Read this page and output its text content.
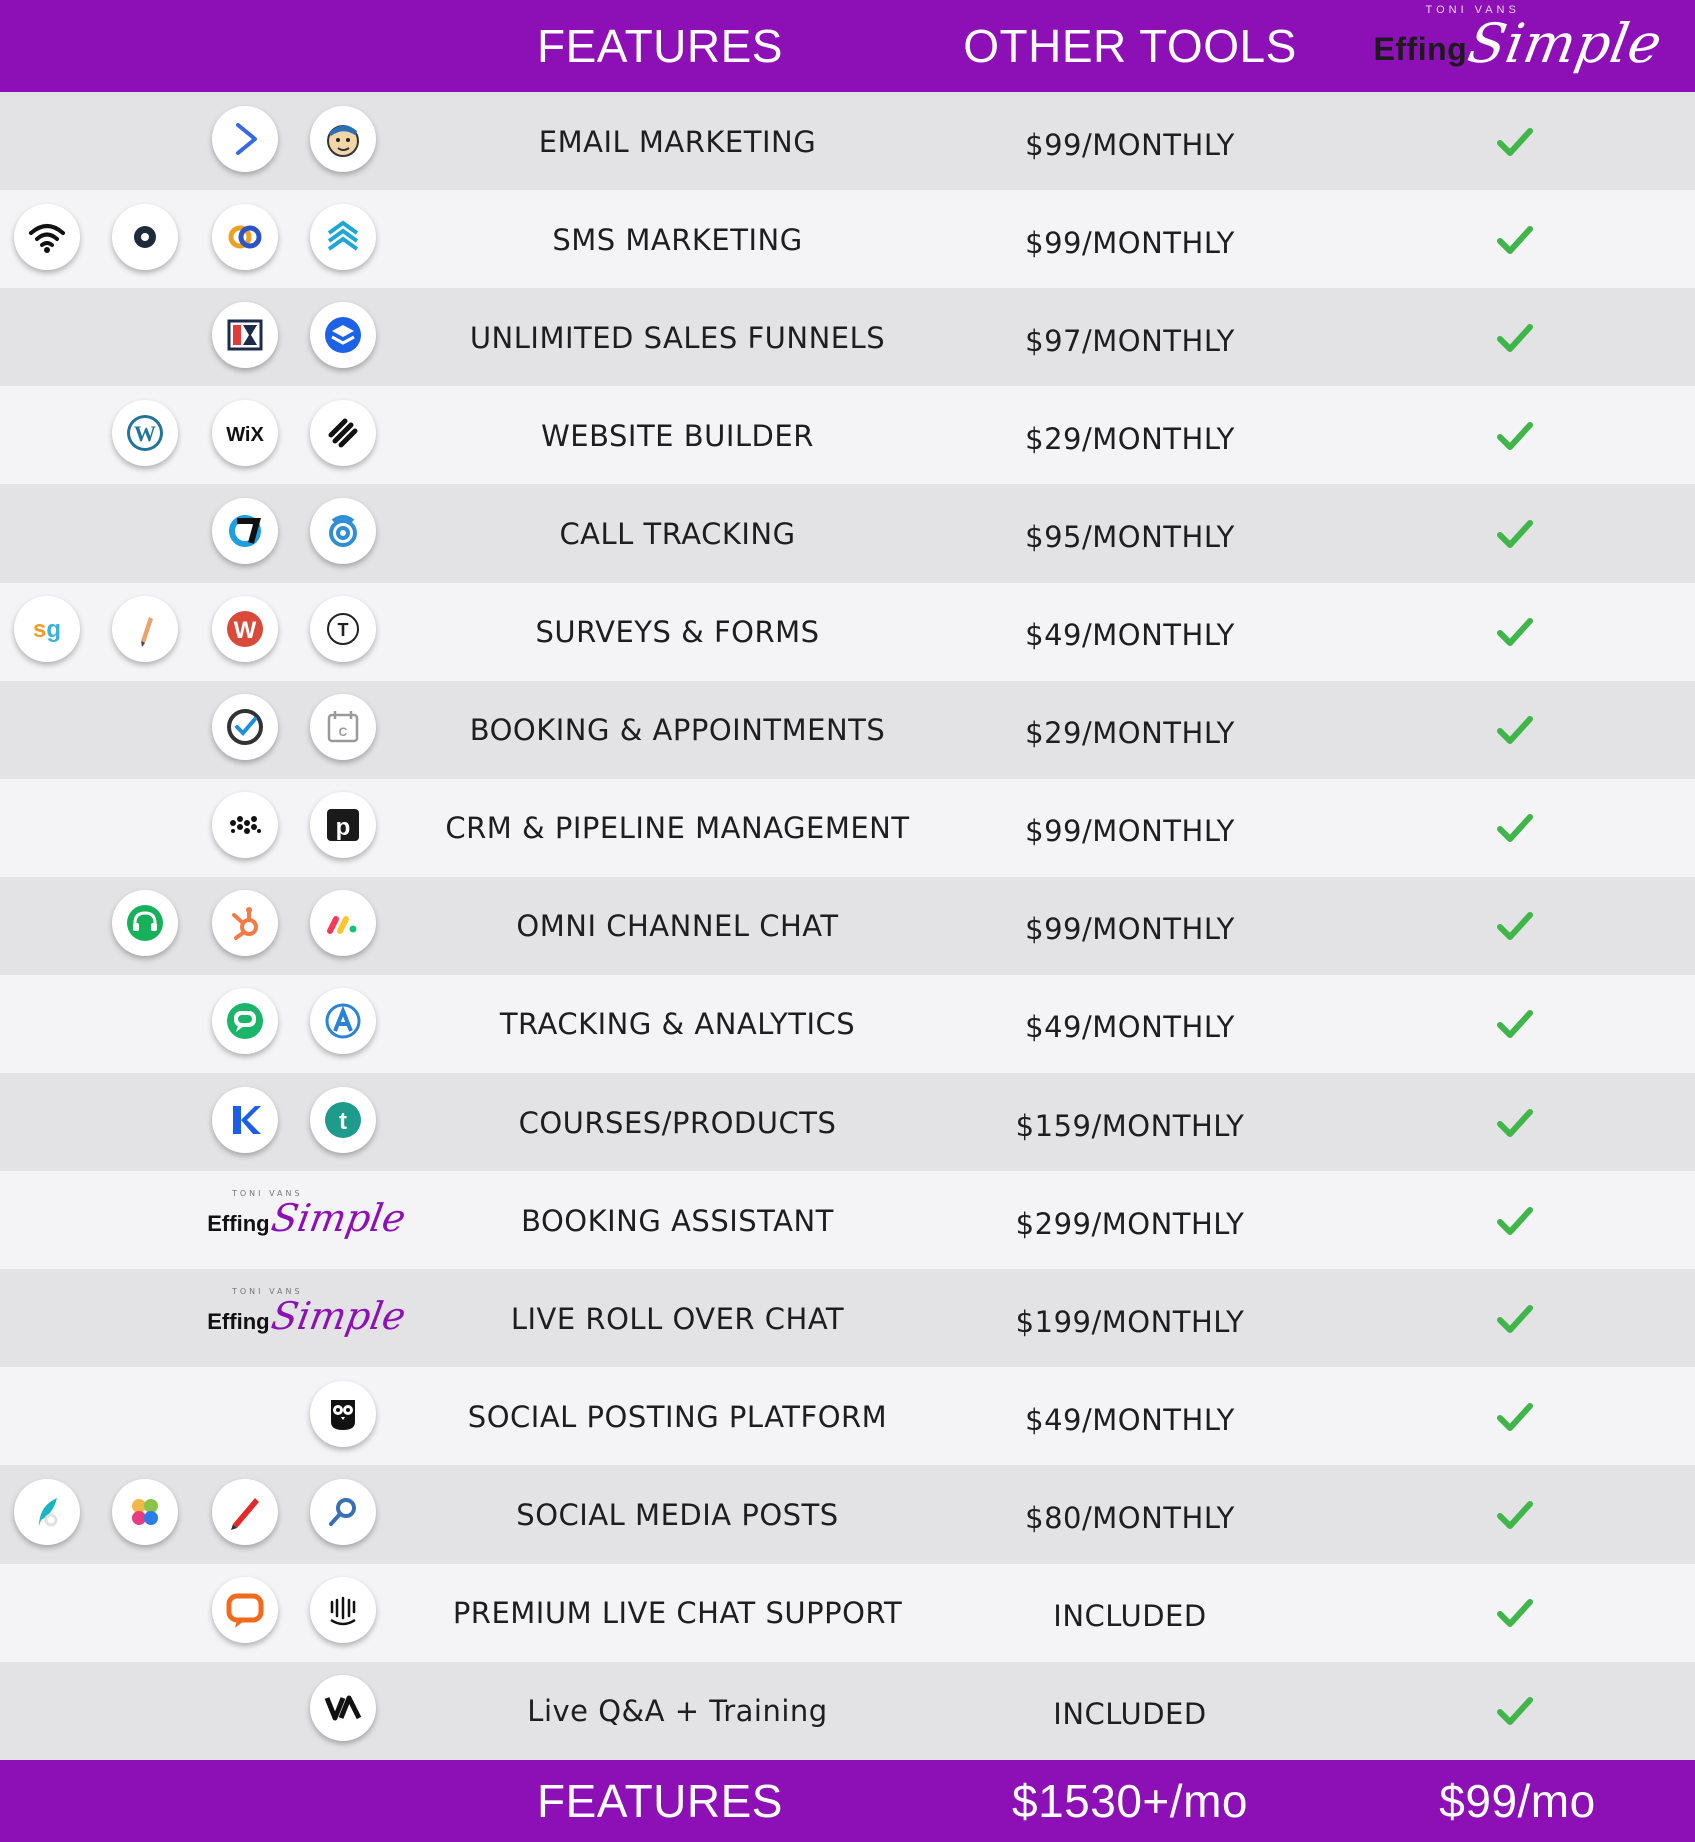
FEATURES	OTHER TOOLS
TONI VANS
Effing
Simple
EMAIL MARKETING	$99/MONTHLY
SMS MARKETING	$99/MONTHLY
UNLIMITED SALES FUNNELS	$97/MONTHLY
W	WiX	WEBSITE BUILDER	$29/MONTHLY
CALL TRACKING	$95/MONTHLY
sg	W	T	SURVEYS & FORMS	$49/MONTHLY
C	BOOKING & APPOINTMENTS	$29/MONTHLY
p	CRM & PIPELINE MANAGEMENT	$99/MONTHLY
OMNI CHANNEL CHAT	$99/MONTHLY
TRACKING & ANALYTICS	$49/MONTHLY
t	COURSES/PRODUCTS	$159/MONTHLY
TONI VANS
Effing
Simple	BOOKING ASSISTANT	$299/MONTHLY
TONI VANS
Effing
Simple	LIVE ROLL OVER CHAT	$199/MONTHLY
SOCIAL POSTING PLATFORM	$49/MONTHLY
SOCIAL MEDIA POSTS	$80/MONTHLY
PREMIUM LIVE CHAT SUPPORT	INCLUDED
Live Q&A + Training	INCLUDED
FEATURES	$1530+/mo	$99/mo
